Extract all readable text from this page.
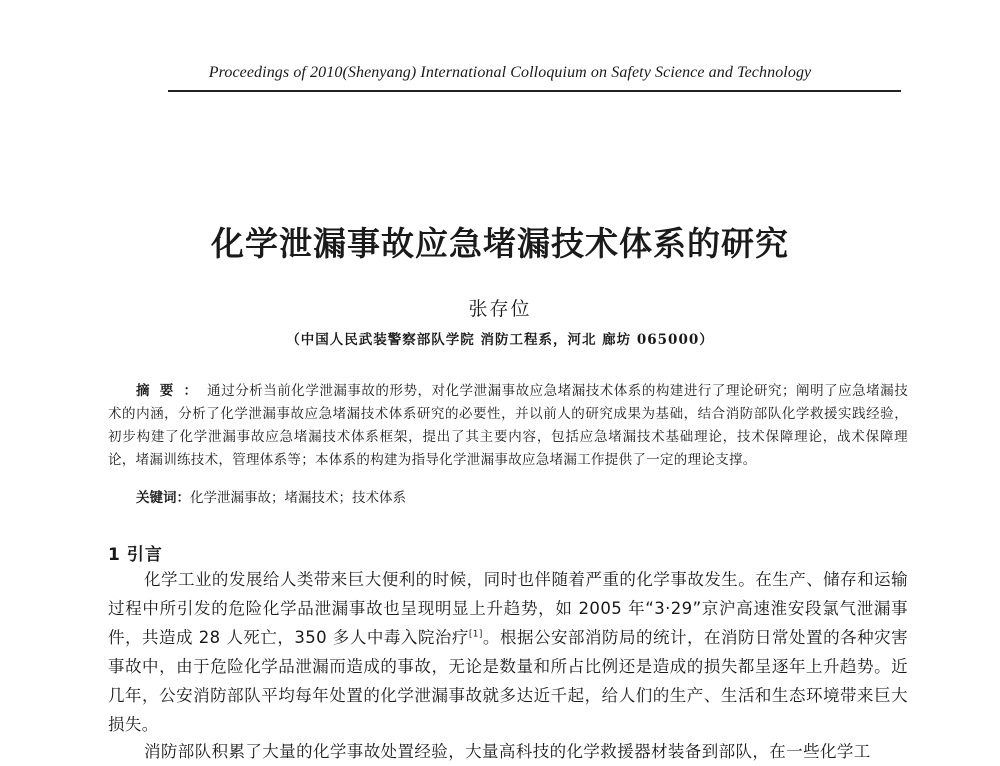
Proceedings of 2010(Shenyang) International Colloquium on Safety Science and Technology
化学泄漏事故应急堵漏技术体系的研究
张存位
（中国人民武装警察部队学院 消防工程系，河北 廊坊 065000）
摘要：通过分析当前化学泄漏事故的形势，对化学泄漏事故应急堵漏技术体系的构建进行了理论研究；阐明了应急堵漏技术的内涵，分析了化学泄漏事故应急堵漏技术体系研究的必要性，并以前人的研究成果为基础，结合消防部队化学救援实践经验，初步构建了化学泄漏事故应急堵漏技术体系框架，提出了其主要内容，包括应急堵漏技术基础理论，技术保障理论，战术保障理论，堵漏训练技术，管理体系等；本体系的构建为指导化学泄漏事故应急堵漏工作提供了一定的理论支撑。
关键词：化学泄漏事故；堵漏技术；技术体系
1 引言

化学工业的发展给人类带来巨大便利的时候，同时也伴随着严重的化学事故发生。在生产、储存和运输过程中所引发的危险化学品泄漏事故也呈现明显上升趋势，如 2005 年“3·29”京沪高速淮安段氯气泄漏事件，共造成 28 人死亡，350 多人中毒入院治疗[1]。根据公安部消防局的统计，在消防日常处置的各种灾害事故中，由于危险化学品泄漏而造成的事故，无论是数量和所占比例还是造成的损失都呈逐年上升趋势。近几年，公安消防部队平均每年处置的化学泄漏事故就多达近千起，给人们的生产、生活和生态环境带来巨大损失。

消防部队积累了大量的化学事故处置经验，大量高科技的化学救援器材装备到部队，在一些化学工
